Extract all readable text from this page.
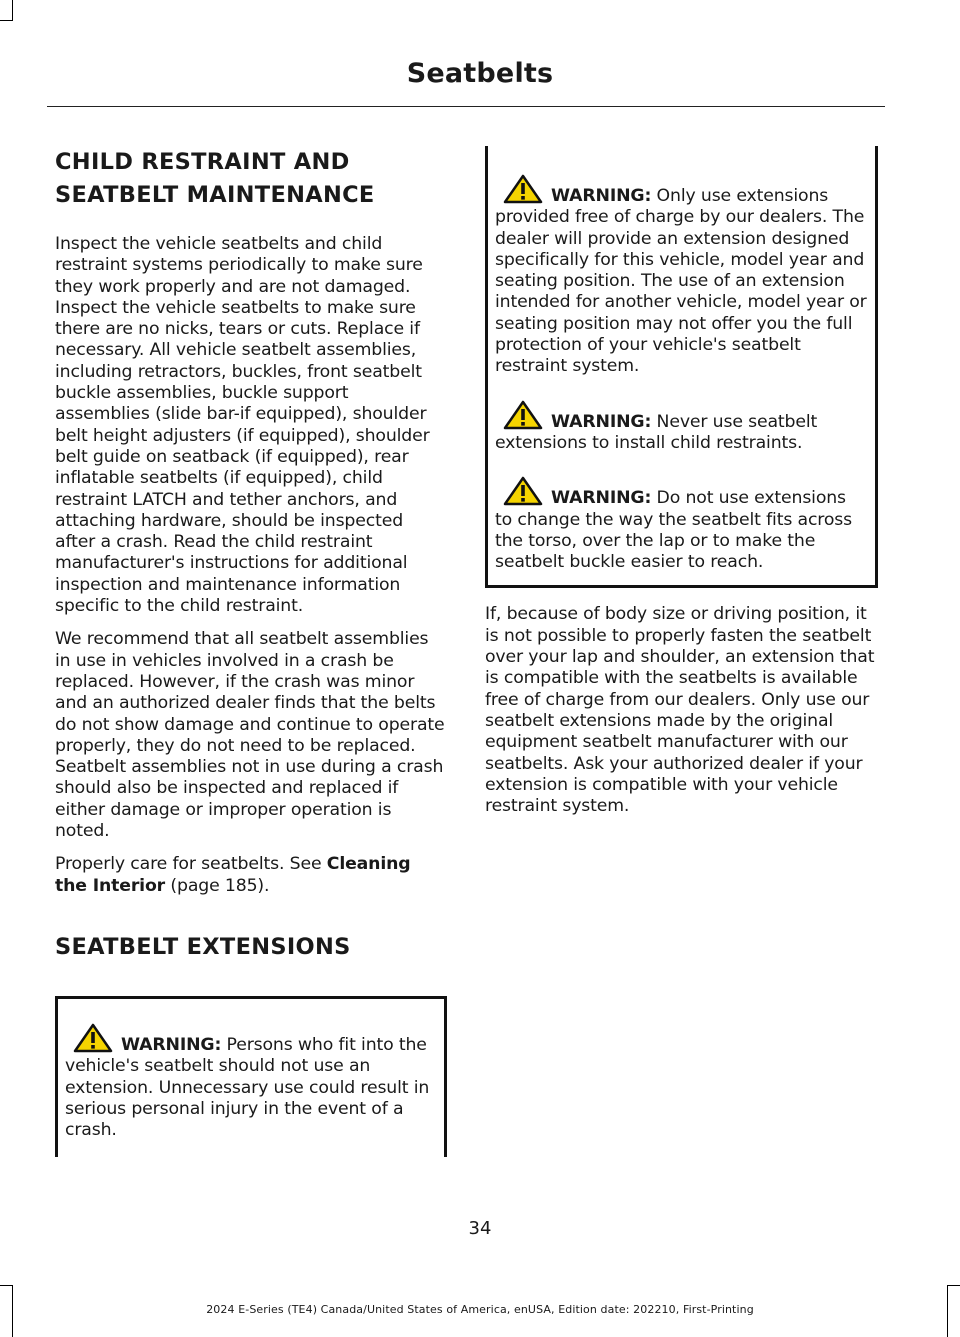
Seatbelts
CHILD RESTRAINT AND SEATBELT MAINTENANCE

Inspect the vehicle seatbelts and child restraint systems periodically to make sure they work properly and are not damaged. Inspect the vehicle seatbelts to make sure there are no nicks, tears or cuts. Replace if necessary. All vehicle seatbelt assemblies, including retractors, buckles, front seatbelt buckle assemblies, buckle support assemblies (slide bar-if equipped), shoulder belt height adjusters (if equipped), shoulder belt guide on seatback (if equipped), rear inflatable seatbelts (if equipped), child restraint LATCH and tether anchors, and attaching hardware, should be inspected after a crash. Read the child restraint manufacturer's instructions for additional inspection and maintenance information specific to the child restraint.

We recommend that all seatbelt assemblies in use in vehicles involved in a crash be replaced. However, if the crash was minor and an authorized dealer finds that the belts do not show damage and continue to operate properly, they do not need to be replaced. Seatbelt assemblies not in use during a crash should also be inspected and replaced if either damage or improper operation is noted.

Properly care for seatbelts. See Cleaning the Interior (page 185).

SEATBELT EXTENSIONS
WARNING: Persons who fit into the vehicle's seatbelt should not use an extension. Unnecessary use could result in serious personal injury in the event of a crash.
WARNING: Only use extensions provided free of charge by our dealers. The dealer will provide an extension designed specifically for this vehicle, model year and seating position. The use of an extension intended for another vehicle, model year or seating position may not offer you the full protection of your vehicle's seatbelt restraint system.
WARNING: Never use seatbelt extensions to install child restraints.
WARNING: Do not use extensions to change the way the seatbelt fits across the torso, over the lap or to make the seatbelt buckle easier to reach.

If, because of body size or driving position, it is not possible to properly fasten the seatbelt over your lap and shoulder, an extension that is compatible with the seatbelts is available free of charge from our dealers. Only use our seatbelt extensions made by the original equipment seatbelt manufacturer with our seatbelts. Ask your authorized dealer if your extension is compatible with your vehicle restraint system.

34
2024 E-Series (TE4) Canada/United States of America, enUSA, Edition date: 202210, First-Printing
